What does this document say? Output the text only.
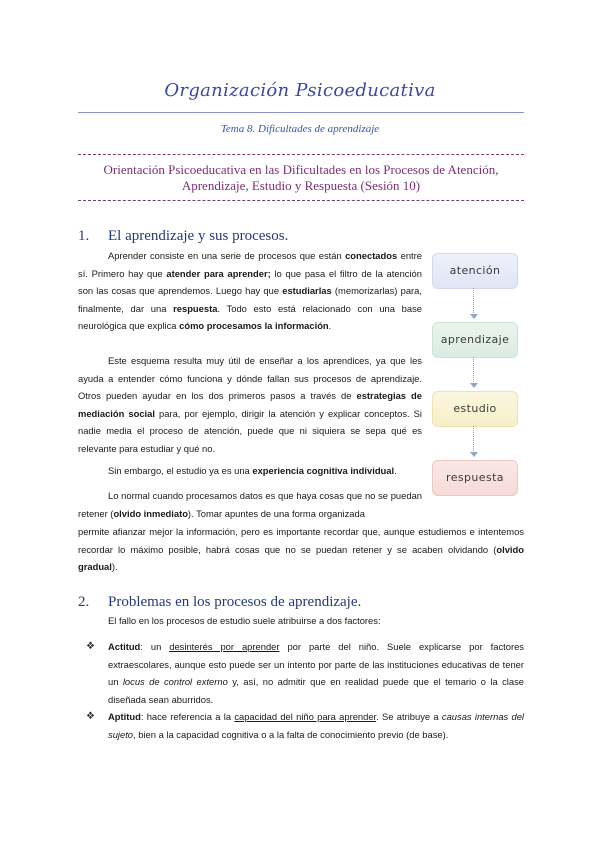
Organización Psicoeducativa
Tema 8. Dificultades de aprendizaje
Orientación Psicoeducativa en las Dificultades en los Procesos de Atención, Aprendizaje, Estudio y Respuesta (Sesión 10)
1. El aprendizaje y sus procesos.
Aprender consiste en una serie de procesos que están conectados entre sí. Primero hay que atender para aprender; lo que pasa el filtro de la atención son las cosas que aprendemos. Luego hay que estudiarlas (memorizarlas) para, finalmente, dar una respuesta. Todo esto está relacionado con una base neurológica que explica cómo procesamos la información.
Este esquema resulta muy útil de enseñar a los aprendices, ya que les ayuda a entender cómo funciona y dónde fallan sus procesos de aprendizaje. Otros pueden ayudar en los dos primeros pasos a través de estrategias de mediación social para, por ejemplo, dirigir la atención y explicar conceptos. Si nadie media el proceso de atención, puede que ni siquiera se sepa qué es relevante para estudiar y qué no.
Sin embargo, el estudio ya es una experiencia cognitiva individual.
Lo normal cuando procesamos datos es que haya cosas que no se puedan retener (olvido inmediato). Tomar apuntes de una forma organizada
permite afianzar mejor la información, pero es importante recordar que, aunque estudiemos e intentemos recordar lo máximo posible, habrá cosas que no se puedan retener y se acaben olvidando (olvido gradual).
atención
aprendizaje
estudio
respuesta
2. Problemas en los procesos de aprendizaje.
El fallo en los procesos de estudio suele atribuirse a dos factores:
❖ Actitud: un desinterés por aprender por parte del niño. Suele explicarse por factores extraescolares, aunque esto puede ser un intento por parte de las instituciones educativas de tener un locus de control externo y, así, no admitir que en realidad puede que el temario o la clase diseñada sean aburridos.
❖ Aptitud: hace referencia a la capacidad del niño para aprender. Se atribuye a causas internas del sujeto, bien a la capacidad cognitiva o a la falta de conocimiento previo (de base).
